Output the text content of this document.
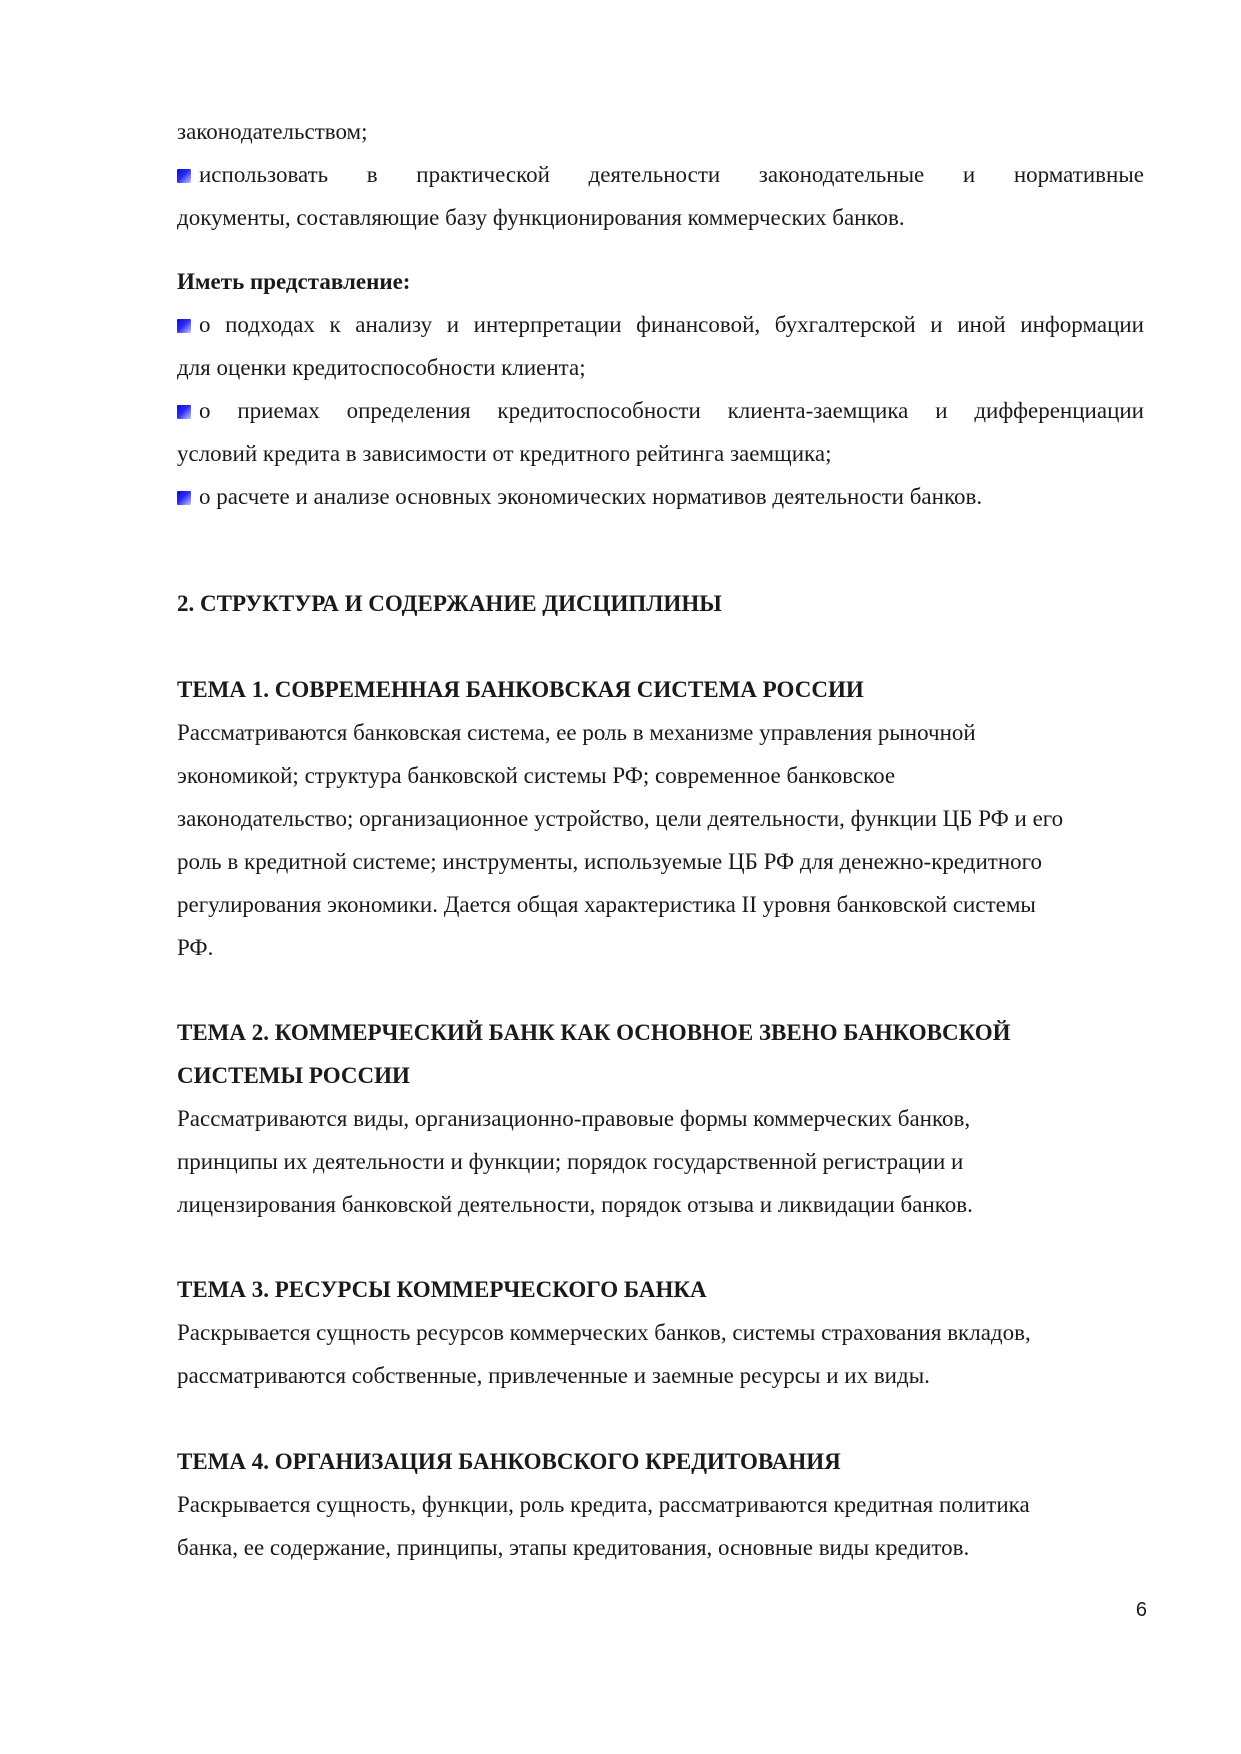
законодательством;
использовать в практической деятельности законодательные и нормативные
документы, составляющие базу функционирования коммерческих банков.
Иметь представление:
о подходах к анализу и интерпретации финансовой, бухгалтерской и иной информации
для оценки кредитоспособности клиента;
о приемах определения кредитоспособности клиента-заемщика и дифференциации
условий кредита в зависимости от кредитного рейтинга заемщика;
о расчете и анализе основных экономических нормативов деятельности банков.
2. СТРУКТУРА И СОДЕРЖАНИЕ ДИСЦИПЛИНЫ
ТЕМА 1. СОВРЕМЕННАЯ БАНКОВСКАЯ СИСТЕМА РОССИИ
Рассматриваются банковская система, ее роль в механизме управления рыночной
экономикой; структура банковской системы РФ; современное банковское
законодательство; организационное устройство, цели деятельности, функции ЦБ РФ и его
роль в кредитной системе; инструменты, используемые ЦБ РФ для денежно-кредитного
регулирования экономики. Дается общая характеристика II уровня банковской системы
РФ.
ТЕМА 2. КОММЕРЧЕСКИЙ БАНК КАК ОСНОВНОЕ ЗВЕНО БАНКОВСКОЙ
СИСТЕМЫ РОССИИ
Рассматриваются виды, организационно-правовые формы коммерческих банков,
принципы их деятельности и функции; порядок государственной регистрации и
лицензирования банковской деятельности, порядок отзыва и ликвидации банков.
ТЕМА 3. РЕСУРСЫ КОММЕРЧЕСКОГО БАНКА
Раскрывается сущность ресурсов коммерческих банков, системы страхования вкладов,
рассматриваются собственные, привлеченные и заемные ресурсы и их виды.
ТЕМА 4. ОРГАНИЗАЦИЯ БАНКОВСКОГО КРЕДИТОВАНИЯ
Раскрывается сущность, функции, роль кредита, рассматриваются кредитная политика
банка, ее содержание, принципы, этапы кредитования, основные виды кредитов.
6
